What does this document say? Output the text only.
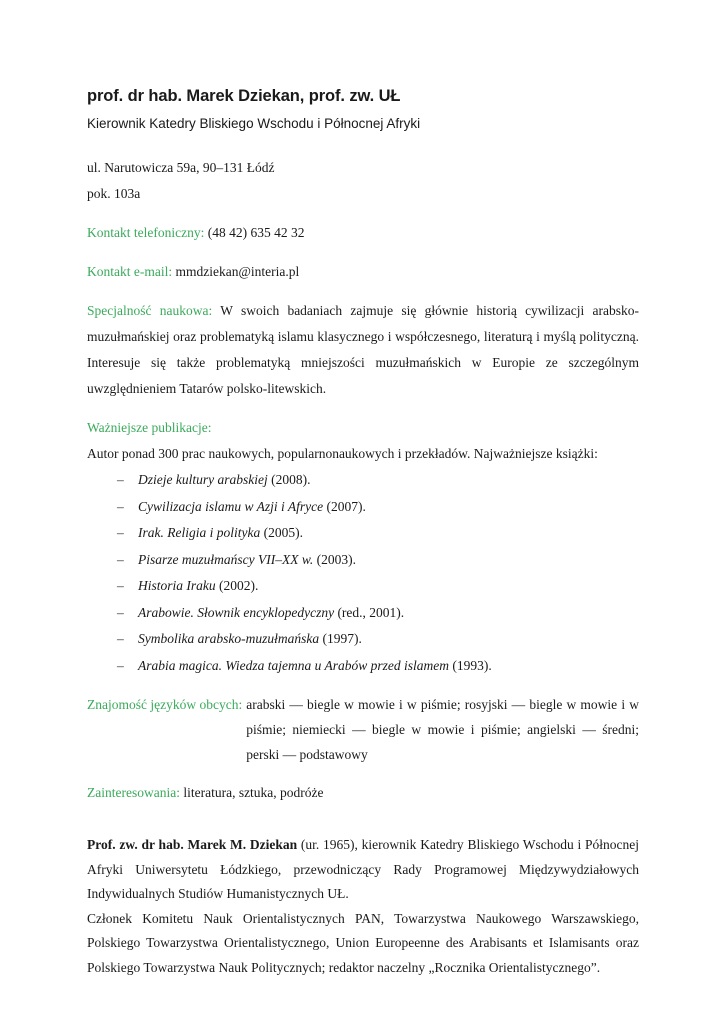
prof. dr hab. Marek Dziekan, prof. zw. UŁ

Kierownik Katedry Bliskiego Wschodu i Północnej Afryki

ul. Narutowicza 59a, 90–131 Łódź

pok. 103a

Kontakt telefoniczny: (48 42) 635 42 32

Kontakt e-mail: mmdziekan@interia.pl

Specjalność naukowa: W swoich badaniach zajmuje się głównie historią cywilizacji arabsko-muzułmańskiej oraz problematyką islamu klasycznego i współczesnego, literaturą i myślą polityczną. Interesuje się także problematyką mniejszości muzułmańskich w Europie ze szczególnym uwzględnieniem Tatarów polsko-litewskich.

Ważniejsze publikacje:

Autor ponad 300 prac naukowych, popularnonaukowych i przekładów. Najważniejsze książki:

– Dzieje kultury arabskiej (2008).
– Cywilizacja islamu w Azji i Afryce (2007).
– Irak. Religia i polityka (2005).
– Pisarze muzułmańscy VII–XX w. (2003).
– Historia Iraku (2002).
– Arabowie. Słownik encyklopedyczny (red., 2001).
– Symbolika arabsko-muzułmańska (1997).
– Arabia magica. Wiedza tajemna u Arabów przed islamem (1993).
Znajomość języków obcych: arabski — biegle w mowie i w piśmie; rosyjski — biegle w mowie i w piśmie; niemiecki — biegle w mowie i piśmie; angielski — średni; perski — podstawowy

Zainteresowania: literatura, sztuka, podróże

Prof. zw. dr hab. Marek M. Dziekan (ur. 1965), kierownik Katedry Bliskiego Wschodu i Północnej Afryki Uniwersytetu Łódzkiego, przewodniczący Rady Programowej Międzywydziałowych Indywidualnych Studiów Humanistycznych UŁ.

Członek Komitetu Nauk Orientalistycznych PAN, Towarzystwa Naukowego Warszawskiego, Polskiego Towarzystwa Orientalistycznego, Union Europeenne des Arabisants et Islamisants oraz Polskiego Towarzystwa Nauk Politycznych; redaktor naczelny „Rocznika Orientalistycznego”.
